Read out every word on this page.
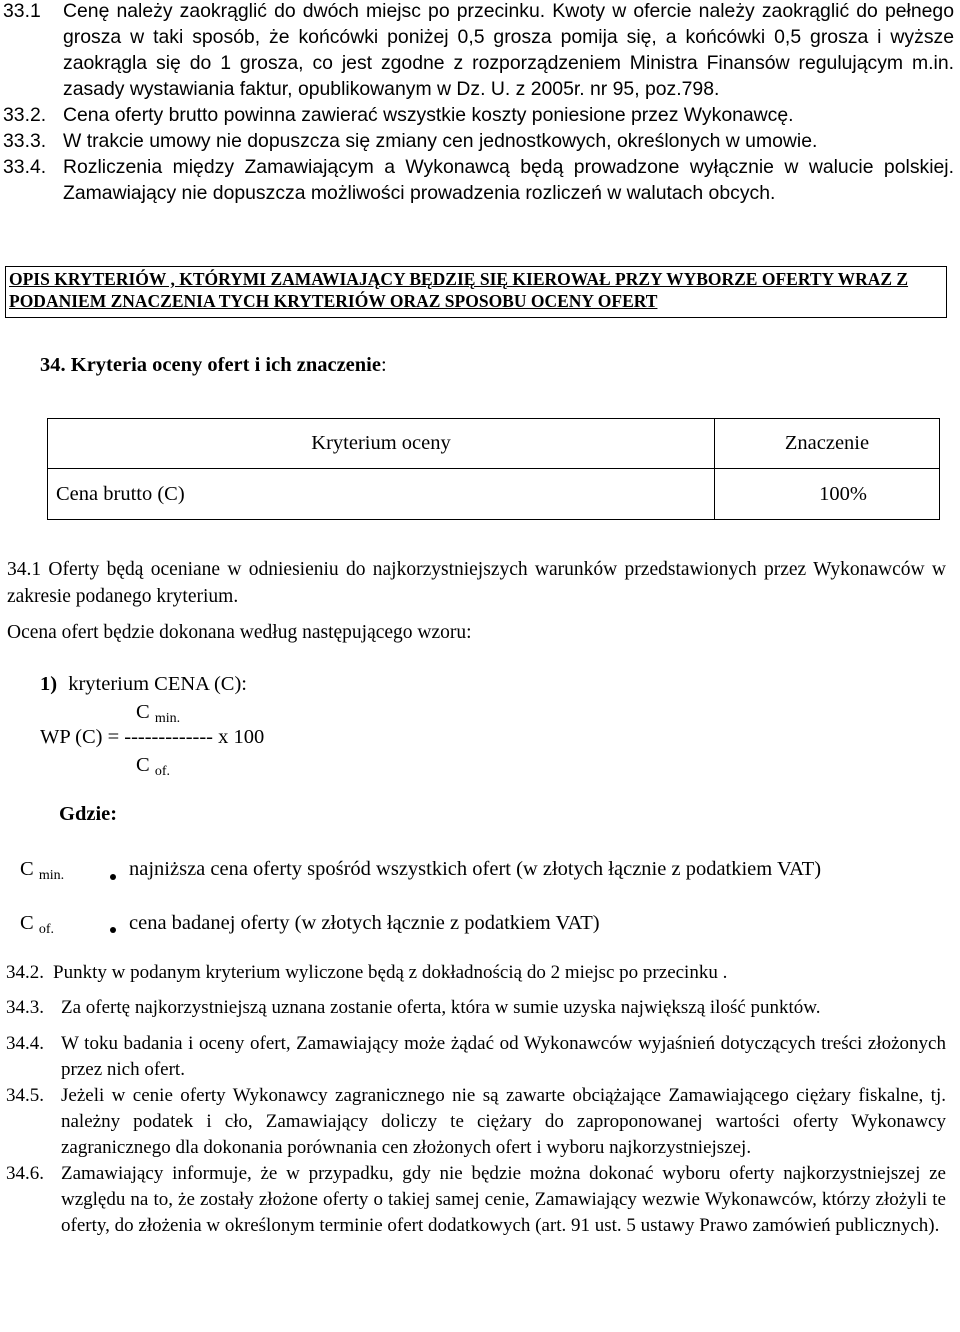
33.1	Cenę należy zaokrąglić do dwóch miejsc po przecinku. Kwoty w ofercie należy zaokrąglić do pełnego grosza w taki sposób, że końcówki poniżej 0,5 grosza pomija się, a końcówki 0,5 grosza i wyższe zaokrągla się do 1 grosza, co jest zgodne z rozporządzeniem Ministra Finansów regulującym m.in. zasady wystawiania faktur, opublikowanym w Dz. U. z 2005r. nr 95, poz.798.
33.2. Cena oferty brutto powinna zawierać wszystkie koszty poniesione przez Wykonawcę.
33.3. W trakcie umowy nie dopuszcza się zmiany cen jednostkowych, określonych w umowie.
33.4. Rozliczenia między Zamawiającym a Wykonawcą będą prowadzone wyłącznie w walucie polskiej. Zamawiający nie dopuszcza możliwości prowadzenia rozliczeń w walutach obcych.
OPIS KRYTERIÓW , KTÓRYMI ZAMAWIAJĄCY BĘDZIĘ SIĘ KIEROWAŁ PRZY WYBORZE OFERTY WRAZ Z PODANIEM ZNACZENIA TYCH KRYTERIÓW ORAZ SPOSOBU OCENY OFERT
34. Kryteria oceny ofert i ich znaczenie:
Kryterium oceny	Znaczenie
Cena brutto (C)	100%
34.1 Oferty będą oceniane w odniesieniu do najkorzystniejszych warunków przedstawionych przez Wykonawców w zakresie podanego kryterium.
Ocena ofert będzie dokonana według następującego wzoru:
1) kryterium CENA (C):
C $_{min.}$
WP (C) = ------------- x 100
C $_{of.}$
Gdzie:
C $_{min.}$	najniższa cena oferty spośród wszystkich ofert (w złotych łącznie z podatkiem VAT)
C $_{of.}$	cena badanej oferty (w złotych łącznie z podatkiem VAT)
34.2. Punkty w podanym kryterium wyliczone będą z dokładnością do 2 miejsc po przecinku .
34.3. Za ofertę najkorzystniejszą uznana zostanie oferta, która w sumie uzyska największą ilość punktów.
34.4. W toku badania i oceny ofert, Zamawiający może żądać od Wykonawców wyjaśnień dotyczących treści złożonych przez nich ofert.
34.5. Jeżeli w cenie oferty Wykonawcy zagranicznego nie są zawarte obciążające Zamawiającego ciężary fiskalne, tj. należny podatek i cło, Zamawiający doliczy te ciężary do zaproponowanej wartości oferty Wykonawcy zagranicznego dla dokonania porównania cen złożonych ofert i wyboru najkorzystniejszej.
34.6. Zamawiający informuje, że w przypadku, gdy nie będzie można dokonać wyboru oferty najkorzystniejszej ze względu na to, że zostały złożone oferty o takiej samej cenie, Zamawiający wezwie Wykonawców, którzy złożyli te oferty, do złożenia w określonym terminie ofert dodatkowych (art. 91 ust. 5 ustawy Prawo zamówień publicznych).
